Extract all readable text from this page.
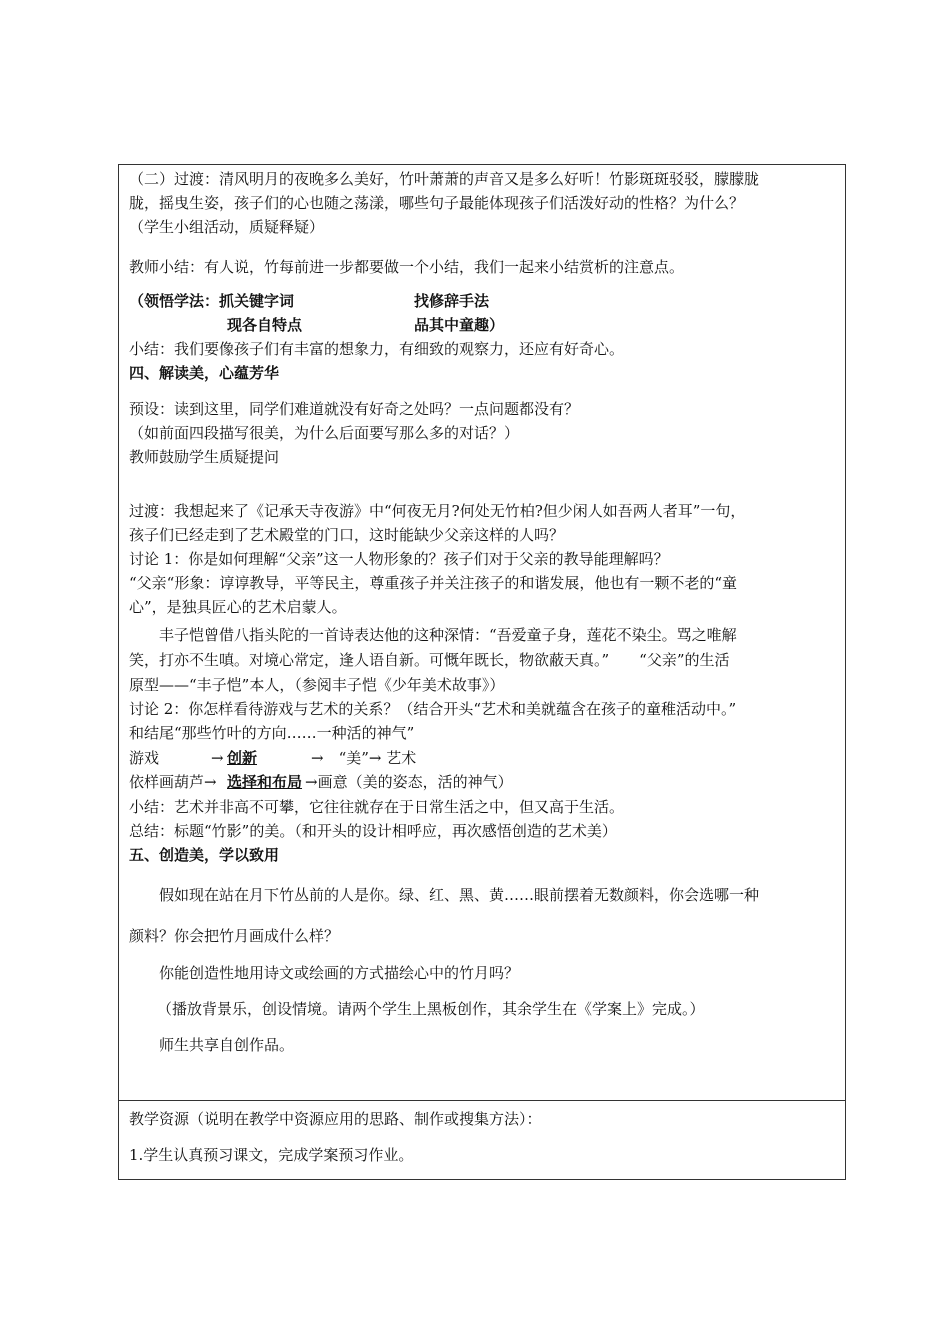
（二）过渡：清风明月的夜晚多么美好，竹叶萧萧的声音又是多么好听！竹影斑斑驳驳，朦朦胧
胧，摇曳生姿，孩子们的心也随之荡漾，哪些句子最能体现孩子们活泼好动的性格？为什么？
（学生小组活动，质疑释疑）
教师小结：有人说，竹每前进一步都要做一个小结，我们一起来小结赏析的注意点。
（领悟学法：抓关键字词	找修辞手法
现各自特点	品其中童趣）
小结：我们要像孩子们有丰富的想象力，有细致的观察力，还应有好奇心。
四、解读美，心蕴芳华
预设：读到这里，同学们难道就没有好奇之处吗？一点问题都没有？
（如前面四段描写很美，为什么后面要写那么多的对话？）
教师鼓励学生质疑提问
过渡：我想起来了《记承天寺夜游》中“何夜无月?何处无竹柏?但少闲人如吾两人者耳”一句，
孩子们已经走到了艺术殿堂的门口，这时能缺少父亲这样的人吗？
讨论 1：你是如何理解“父亲”这一人物形象的？孩子们对于父亲的教导能理解吗？
“父亲“形象：谆谆教导，平等民主，尊重孩子并关注孩子的和谐发展，他也有一颗不老的“童
心”，是独具匠心的艺术启蒙人。
丰子恺曾借八指头陀的一首诗表达他的这种深情：“吾爱童子身，莲花不染尘。骂之唯解
笑，打亦不生嗔。对境心常定，逢人语自新。可慨年既长，物欲蔽天真。”　　“父亲”的生活
原型——“丰子恺”本人，（参阅丰子恺《少年美术故事》）
讨论 2：你怎样看待游戏与艺术的关系？（结合开头“艺术和美就蕴含在孩子的童稚活动中。”
和结尾“那些竹叶的方向……一种活的神气”
游戏	→ 创新	→　“美”→ 艺术
依样画葫芦→ 选择和布局 →画意（美的姿态，活的神气）
小结：艺术并非高不可攀，它往往就存在于日常生活之中，但又高于生活。
总结：标题“竹影”的美。（和开头的设计相呼应，再次感悟创造的艺术美）
五、创造美，学以致用
假如现在站在月下竹丛前的人是你。绿、红、黑、黄……眼前摆着无数颜料，你会选哪一种
颜料？你会把竹月画成什么样？
你能创造性地用诗文或绘画的方式描绘心中的竹月吗？
（播放背景乐，创设情境。请两个学生上黑板创作，其余学生在《学案上》完成。）
师生共享自创作品。
教学资源（说明在教学中资源应用的思路、制作或搜集方法）：
1.学生认真预习课文，完成学案预习作业。
